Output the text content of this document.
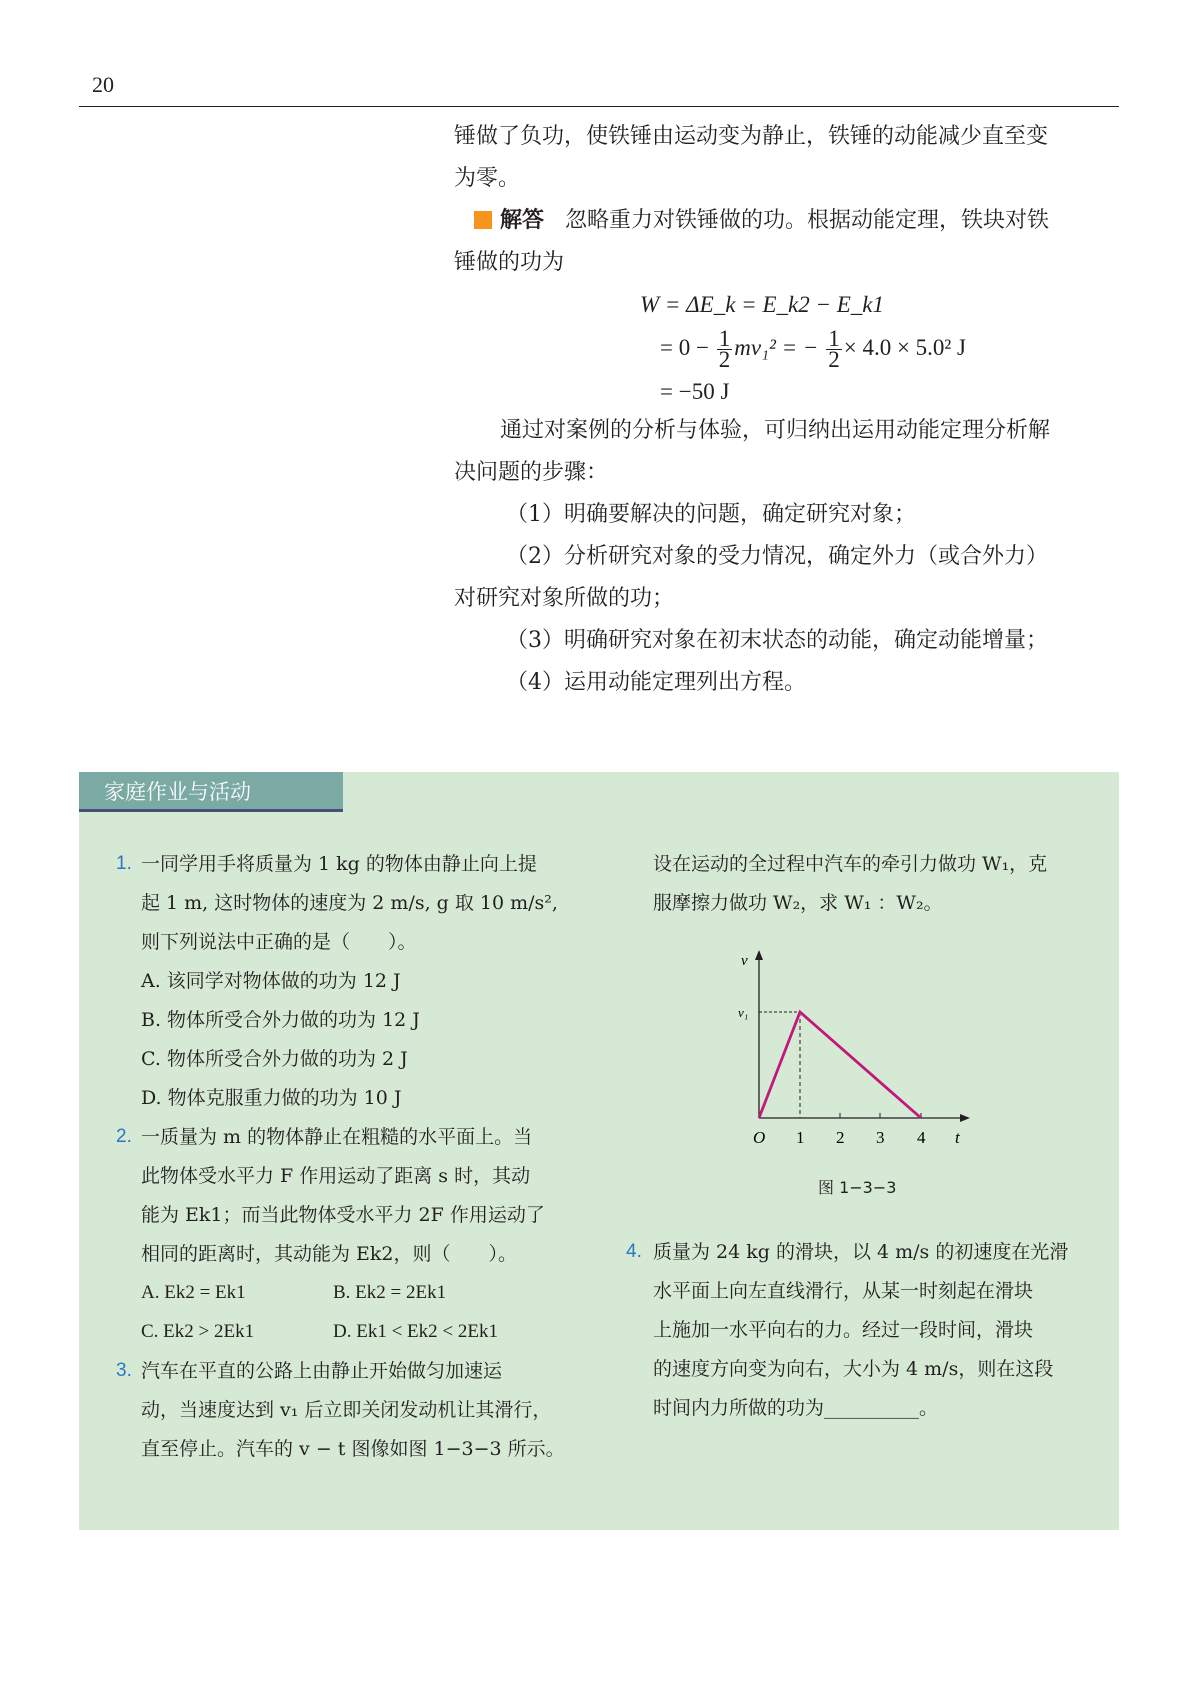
20
锤做了负功，使铁锤由运动变为静止，铁锤的动能减少直至变
为零。
解答 忽略重力对铁锤做的功。根据动能定理，铁块对铁
锤做的功为
W = ΔE_k = E_k2 − E_k1
= $0 - \frac{1}{2} mv_1^2$ = − $\frac{1}{2} \times 4.0 \times 5.0^2$ J
= −50 J
通过对案例的分析与体验，可归纳出运用动能定理分析解
决问题的步骤：
（1）明确要解决的问题，确定研究对象；
（2）分析研究对象的受力情况，确定外力（或合外力）
对研究对象所做的功；
（3）明确研究对象在初末状态的动能，确定动能增量；
（4）运用动能定理列出方程。
家庭作业与活动
1. 一同学用手将质量为 1 kg 的物体由静止向上提
起 1 m, 这时物体的速度为 2 m/s, g 取 10 m/s²,
则下列说法中正确的是（　　）。
A. 该同学对物体做的功为 12 J
B. 物体所受合外力做的功为 12 J
C. 物体所受合外力做的功为 2 J
D. 物体克服重力做的功为 10 J
2. 一质量为 m 的物体静止在粗糙的水平面上。当
此物体受水平力 F 作用运动了距离 s 时，其动
能为 Ek1；而当此物体受水平力 2F 作用运动了
相同的距离时，其动能为 Ek2，则（　　）。
A. Ek2 = Ek1	B. Ek2 = 2Ek1
C. Ek2 > 2Ek1	D. Ek1 < Ek2 < 2Ek1
3. 汽车在平直的公路上由静止开始做匀加速运
动，当速度达到 v₁ 后立即关闭发动机让其滑行，
直至停止。汽车的 v − t 图像如图 1−3−3 所示。
设在运动的全过程中汽车的牵引力做功 W₁，克
服摩擦力做功 W₂，求 W₁ ：W₂。
v
v₁
O 1 2 3 4 t
图 1−3−3
4. 质量为 24 kg 的滑块，以 4 m/s 的初速度在光滑
水平面上向左直线滑行，从某一时刻起在滑块
上施加一水平向右的力。经过一段时间，滑块
的速度方向变为向右，大小为 4 m/s，则在这段
时间内力所做的功为__________。
